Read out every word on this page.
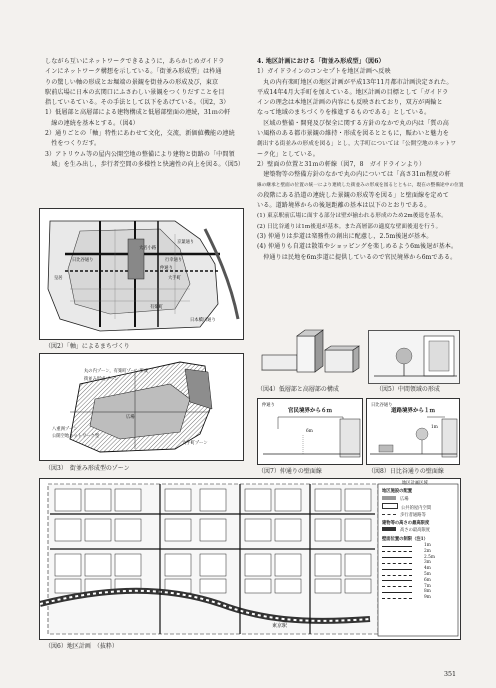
しながら互いにネットワークできるように，あらかじめガイドラ

インにネットワーク構想を示している。「街並み形成型」は枠通

りの驚しい軸の形成とお堀端の景観を街並みの形成及び，東京

駅前広場に日本の玄関口にふさわしい景観をつくりだすことを目

指しているている。その手法として以下をあげている。（図2，3）

1）低層部と高層部による建物構成と低層部壁面の連続，31ｍの軒

　線の連続を基本とする。（図4）

2）通りごとの「軸」特性にあわせて文化，交流，新価値機能の連続

　性をつくりだす。

3）アトリウム等の屋内公開空地の整備により建物と街路の「中間領

　域」を生み出し，歩行者空間の多様性と快適性の向上を図る。（図5）

4. 地区計画における「街並み形成型」（図6）

1）ガイドラインのコンセプトを地区計画へ反映

　丸の内有楽町地区の地区計画が平成13年11月都市計画決定された。

平成14年4月大手町を加えている。地区計画の目標として「ガイドラ

インの理念は本地区計画の内容にも反映されており，双方が両輪と

なって地域のまちづくりを推進するものである」としている。

　区域の整備・開発及び保全に関する方針のなかで丸の内は「質の高

い風格のある都市景観の維持・形成を図るとともに，賑わいと魅力を

創出する街並みの形成を図る」とし，大手町については「公開空地のネットワ

ーク化」としている。

2）壁面の位置と31ｍの軒線（図7，8　ガイドラインより）

　建築物等の整備方針のなかで丸の内については「高さ31ｍ程度の軒

線の継承と壁面の位置の統一により連続した街並みの形成を図るとともに，現在の整備途中の位置

の段階にある沿道の連続した景観の形成等を図る」と壁面線を定めて

いる。道路境界からの後退距離の基本は以下のとおりである。

(1) 東京駅前広場に面する部分は壁が揃われる形成のため2m後退を基本。

(2) 日比谷通りは1m後退が基本。また高層部の適度な壁面後退を行う。

(3) 仲通りは歩道は楽務性の創出に配慮し，2.5m後退が基本。

(4) 仲通りも自道は散策やショッピングを楽しめるよう6m後退が基本。

　仲通りは民地を6m歩道に提供しているので官民境界から6mである。

日比谷通り
皇居
行幸通り
大名小路
仲通り
大手町
京葉通り
有楽町
日本橋川通り
（図2）「軸」によるまちづくり
丸の内ゾーン，有楽町ゾーン形成
街並み形成ゾーン
八重洲ゾーン
大手町ゾーン
公開空地ネットワーク型
広場
（図3）　街並み形成型のゾーン
（図4）低層部と高層部の構成	（図5）中間領域の形成
仲通り
官民境界から６ｍ
6m
（図7）仲通りの壁面線
日比谷通り
道路境界から１ｍ
1m
（図8）日比谷通りの壁面線
東京駅
地区計画区域
地区施設の配置
広場
公共的屋内空間
歩行者通路等
建物等の高さの最高限度
高さの最高限度
壁面位置の制限（注1）
1m
2m
2.5m
3m
4m
5m
6m
7m
8m
9m
（図6）地区計画　（抜粋）
351
